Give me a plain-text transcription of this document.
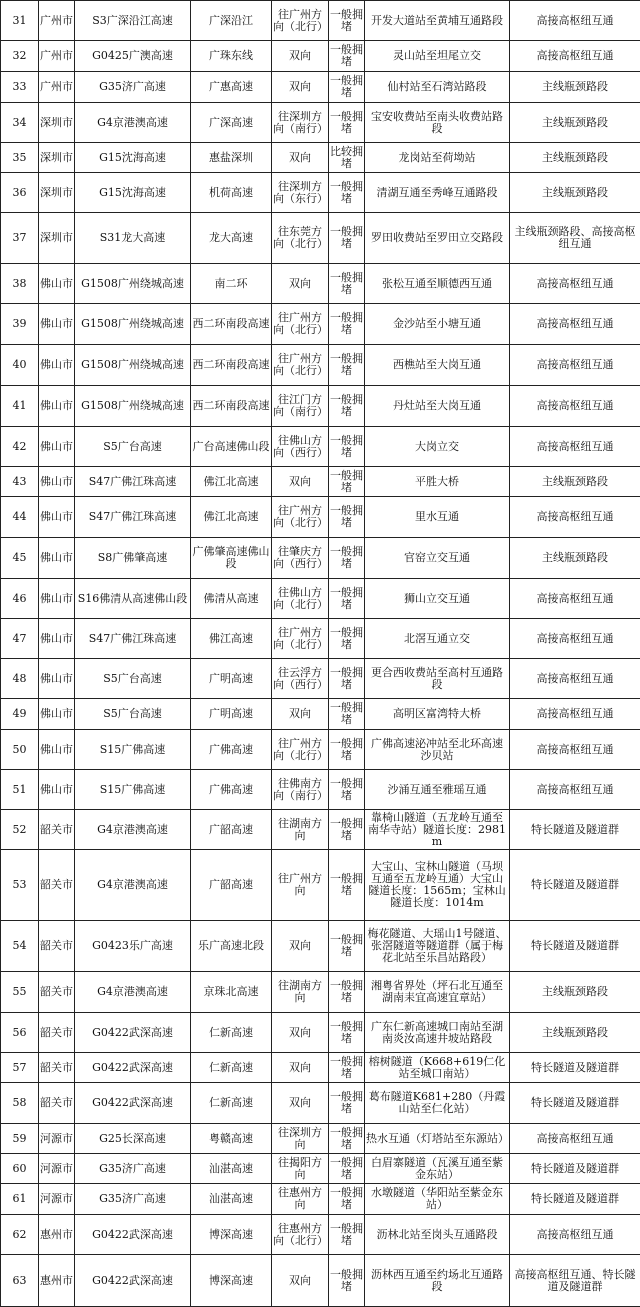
31	广州市	S3广深沿江高速	广深沿江	往广州方向（北行）	一般拥堵	开发大道站至黄埔互通路段	高接高枢纽互通
32	广州市	G0425广澳高速	广珠东线	双向	一般拥堵	灵山站至坦尾立交	高接高枢纽互通
33	广州市	G35济广高速	广惠高速	双向	一般拥堵	仙村站至石湾站路段	主线瓶颈路段
34	深圳市	G4京港澳高速	广深高速	往深圳方向（南行）	一般拥堵	宝安收费站至南头收费站路段	主线瓶颈路段
35	深圳市	G15沈海高速	惠盐深圳	双向	比较拥堵	龙岗站至荷坳站	主线瓶颈路段
36	深圳市	G15沈海高速	机荷高速	往深圳方向（东行）	一般拥堵	清湖互通至秀峰互通路段	主线瓶颈路段
37	深圳市	S31龙大高速	龙大高速	往东莞方向（北行）	一般拥堵	罗田收费站至罗田立交路段	主线瓶颈路段、高接高枢纽互通
38	佛山市	G1508广州绕城高速	南二环	双向	一般拥堵	张松互通至顺德西互通	高接高枢纽互通
39	佛山市	G1508广州绕城高速	西二环南段高速	往广州方向（北行）	一般拥堵	金沙站至小塘互通	高接高枢纽互通
40	佛山市	G1508广州绕城高速	西二环南段高速	往广州方向（北行）	一般拥堵	西樵站至大岗互通	高接高枢纽互通
41	佛山市	G1508广州绕城高速	西二环南段高速	往江门方向（南行）	一般拥堵	丹灶站至大岗互通	高接高枢纽互通
42	佛山市	S5广台高速	广台高速佛山段	往佛山方向（西行）	一般拥堵	大岗立交	高接高枢纽互通
43	佛山市	S47广佛江珠高速	佛江北高速	双向	一般拥堵	平胜大桥	主线瓶颈路段
44	佛山市	S47广佛江珠高速	佛江北高速	往广州方向（北行）	一般拥堵	里水互通	高接高枢纽互通
45	佛山市	S8广佛肇高速	广佛肇高速佛山段	往肇庆方向（西行）	一般拥堵	官窑立交互通	主线瓶颈路段
46	佛山市	S16佛清从高速佛山段	佛清从高速	往佛山方向（北行）	一般拥堵	狮山立交互通	高接高枢纽互通
47	佛山市	S47广佛江珠高速	佛江高速	往广州方向（北行）	一般拥堵	北滘互通立交	高接高枢纽互通
48	佛山市	S5广台高速	广明高速	往云浮方向（西行）	一般拥堵	更合西收费站至高村互通路段	高接高枢纽互通
49	佛山市	S5广台高速	广明高速	双向	一般拥堵	高明区富湾特大桥	高接高枢纽互通
50	佛山市	S15广佛高速	广佛高速	往广州方向（北行）	一般拥堵	广佛高速泌冲站至北环高速沙贝站	高接高枢纽互通
51	佛山市	S15广佛高速	广佛高速	往佛南方向（南行）	一般拥堵	沙涌互通至雅瑶互通	高接高枢纽互通
52	韶关市	G4京港澳高速	广韶高速	往湖南方向	一般拥堵	靠椅山隧道（五龙岭互通至南华寺站）隧道长度：2981m	特长隧道及隧道群
53	韶关市	G4京港澳高速	广韶高速	往广州方向	一般拥堵	大宝山、宝林山隧道（马坝互通至五龙岭互通）大宝山隧道长度：1565m；宝林山隧道长度：1014m	特长隧道及隧道群
54	韶关市	G0423乐广高速	乐广高速北段	双向	一般拥堵	梅花隧道、大瑶山1号隧道、张滘隧道等隧道群（属于梅花北站至乐昌站路段）	特长隧道及隧道群
55	韶关市	G4京港澳高速	京珠北高速	往湖南方向	一般拥堵	湘粤省界处（坪石北互通至湖南耒宜高速宜章站）	主线瓶颈路段
56	韶关市	G0422武深高速	仁新高速	双向	一般拥堵	广东仁新高速城口南站至湖南炎汝高速井坡站路段	主线瓶颈路段
57	韶关市	G0422武深高速	仁新高速	双向	一般拥堵	榕树隧道（K668+619仁化站至城口南站）	特长隧道及隧道群
58	韶关市	G0422武深高速	仁新高速	双向	一般拥堵	葛布隧道K681+280（丹霞山站至仁化站）	特长隧道及隧道群
59	河源市	G25长深高速	粤赣高速	往深圳方向	一般拥堵	热水互通（灯塔站至东源站）	高接高枢纽互通
60	河源市	G35济广高速	汕湛高速	往揭阳方向	一般拥堵	白眉寨隧道（瓦溪互通至紫金东站）	特长隧道及隧道群
61	河源市	G35济广高速	汕湛高速	往惠州方向	一般拥堵	水墩隧道（华阳站至紫金东站）	特长隧道及隧道群
62	惠州市	G0422武深高速	博深高速	往惠州方向（北行）	一般拥堵	沥林北站至岗头互通路段	高接高枢纽互通
63	惠州市	G0422武深高速	博深高速	双向	一般拥堵	沥林西互通至约场北互通路段	高接高枢纽互通、特长隧道及隧道群
